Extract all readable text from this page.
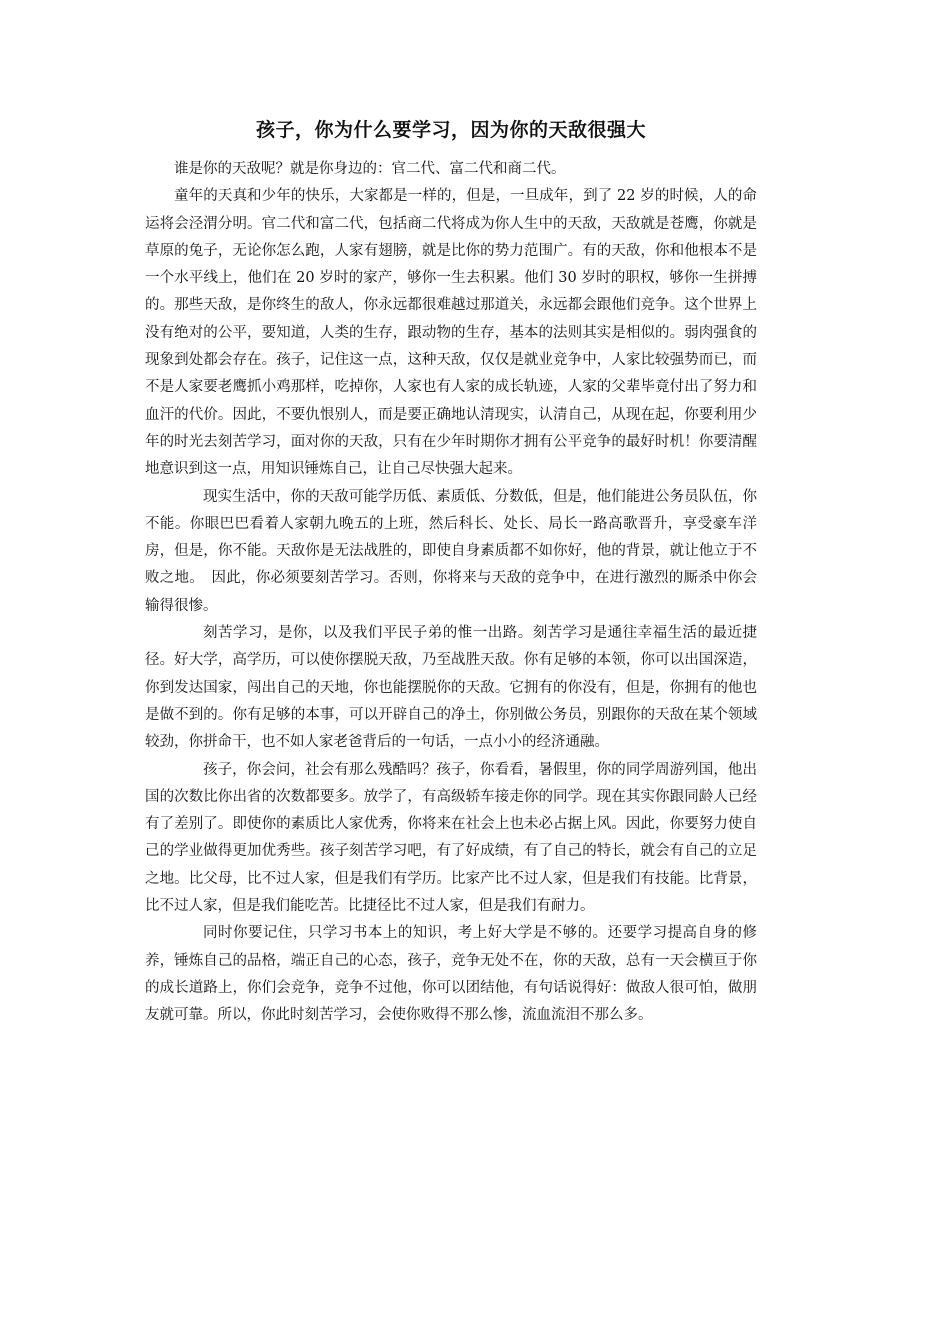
孩子，你为什么要学习，因为你的天敌很强大

谁是你的天敌呢？就是你身边的：官二代、富二代和商二代。

童年的天真和少年的快乐，大家都是一样的，但是，一旦成年，到了 22 岁的时候，人的命运将会泾渭分明。官二代和富二代，包括商二代将成为你人生中的天敌，天敌就是苍鹰，你就是草原的兔子，无论你怎么跑，人家有翅膀，就是比你的势力范围广。有的天敌，你和他根本不是一个水平线上，他们在 20 岁时的家产，够你一生去积累。他们 30 岁时的职权，够你一生拼搏的。那些天敌，是你终生的敌人，你永远都很难越过那道关，永远都会跟他们竞争。这个世界上没有绝对的公平，要知道，人类的生存，跟动物的生存，基本的法则其实是相似的。弱肉强食的现象到处都会存在。孩子，记住这一点，这种天敌，仅仅是就业竞争中，人家比较强势而已，而不是人家要老鹰抓小鸡那样，吃掉你，人家也有人家的成长轨迹，人家的父辈毕竟付出了努力和血汗的代价。因此，不要仇恨别人，而是要正确地认清现实，认清自己，从现在起，你要利用少年的时光去刻苦学习，面对你的天敌，只有在少年时期你才拥有公平竞争的最好时机！你要清醒地意识到这一点，用知识锤炼自己，让自己尽快强大起来。

现实生活中，你的天敌可能学历低、素质低、分数低，但是，他们能进公务员队伍，你不能。你眼巴巴看着人家朝九晚五的上班，然后科长、处长、局长一路高歌晋升，享受豪车洋房，但是，你不能。天敌你是无法战胜的，即使自身素质都不如你好，他的背景，就让他立于不败之地。　因此，你必须要刻苦学习。否则，你将来与天敌的竞争中，在进行激烈的厮杀中你会输得很惨。

刻苦学习，是你，以及我们平民子弟的惟一出路。刻苦学习是通往幸福生活的最近捷径。好大学，高学历，可以使你摆脱天敌，乃至战胜天敌。你有足够的本领，你可以出国深造，你到发达国家，闯出自己的天地，你也能摆脱你的天敌。它拥有的你没有，但是，你拥有的他也是做不到的。你有足够的本事，可以开辟自己的净土，你别做公务员，别跟你的天敌在某个领域较劲，你拼命干，也不如人家老爸背后的一句话，一点小小的经济通融。

孩子，你会问，社会有那么残酷吗？孩子，你看看，暑假里，你的同学周游列国，他出国的次数比你出省的次数都要多。放学了，有高级轿车接走你的同学。现在其实你跟同龄人已经有了差别了。即使你的素质比人家优秀，你将来在社会上也未必占据上风。因此，你要努力使自己的学业做得更加优秀些。孩子刻苦学习吧，有了好成绩，有了自己的特长，就会有自己的立足之地。比父母，比不过人家，但是我们有学历。比家产比不过人家，但是我们有技能。比背景，比不过人家，但是我们能吃苦。比捷径比不过人家，但是我们有耐力。

同时你要记住，只学习书本上的知识，考上好大学是不够的。还要学习提高自身的修养，锤炼自己的品格，端正自己的心态，孩子，竞争无处不在，你的天敌，总有一天会横亘于你的成长道路上，你们会竞争，竞争不过他，你可以团结他，有句话说得好：做敌人很可怕，做朋友就可靠。所以，你此时刻苦学习，会使你败得不那么惨，流血流泪不那么多。
